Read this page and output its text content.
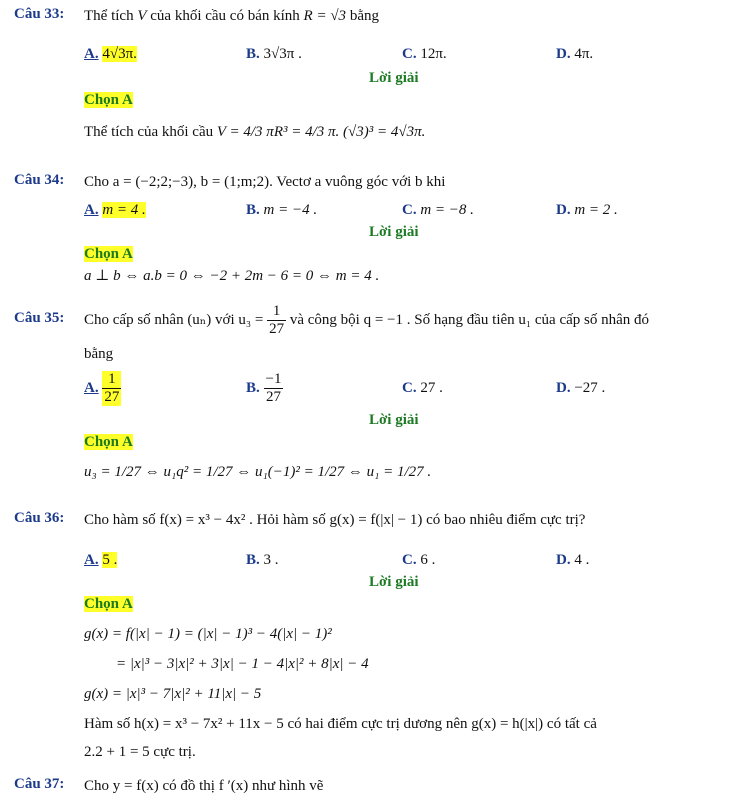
Câu 33: Thể tích V của khối cầu có bán kính R = √3 bằng
A. 4√3π.	B. 3√3π .	C. 12π.	D. 4π.
Lời giải
Chọn A
Thể tích của khối cầu V = 4/3 πR³ = 4/3 π. (√3)³ = 4√3π.
Câu 34: Cho a = (−2;2;−3), b = (1;m;2). Vectơ a vuông góc với b khi
A. m = 4 .	B. m = −4 .	C. m = −8 .	D. m = 2 .
Lời giải
Chọn A
a ⊥ b ⇔ a.b = 0 ⇔ −2 + 2m − 6 = 0 ⇔ m = 4 .
Câu 35: Cho cấp số nhân (uₙ) với $u_3 = \frac{1}{27}$ và công bội q = −1 . Số hạng đầu tiên u₁ của cấp số nhân đó
bằng
A. $\frac{1}{27}$	B. $\frac{-1}{27}$	C. 27 .	D. −27 .
Lời giải
Chọn A
u₃ = 1/27 ⇔ u₁q² = 1/27 ⇔ u₁(−1)² = 1/27 ⇔ u₁ = 1/27 .
Câu 36: Cho hàm số f(x) = x³ − 4x² . Hỏi hàm số g(x) = f(|x| − 1) có bao nhiêu điểm cực trị?
A. 5 .	B. 3 .	C. 6 .	D. 4 .
Lời giải
Chọn A
g(x) = f(|x| − 1) = (|x| − 1)³ − 4(|x| − 1)²
= |x|³ − 3|x|² + 3|x| − 1 − 4|x|² + 8|x| − 4
g(x) = |x|³ − 7|x|² + 11|x| − 5
Hàm số h(x) = x³ − 7x² + 11x − 5 có hai điểm cực trị dương nên g(x) = h(|x|) có tất cả
2.2 + 1 = 5 cực trị.
Câu 37: Cho y = f(x) có đồ thị f ′(x) như hình vẽ
